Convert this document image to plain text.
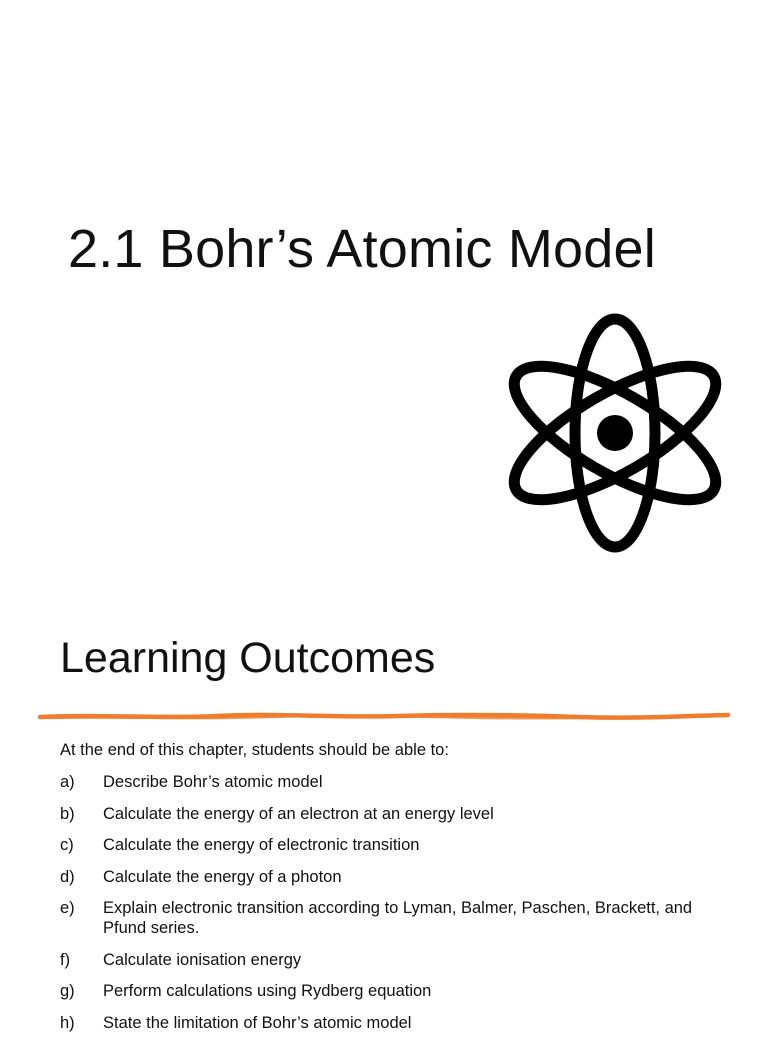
2.1 Bohr’s Atomic Model
Learning Outcomes

At the end of this chapter, students should be able to:

a)	Describe Bohr’s atomic model
b)	Calculate the energy of an electron at an energy level
c)	Calculate the energy of electronic transition
d)	Calculate the energy of a photon
e)	Explain electronic transition according to Lyman, Balmer, Paschen, Brackett, and Pfund series.
f)	Calculate ionisation energy
g)	Perform calculations using Rydberg equation
h)	State the limitation of Bohr’s atomic model
